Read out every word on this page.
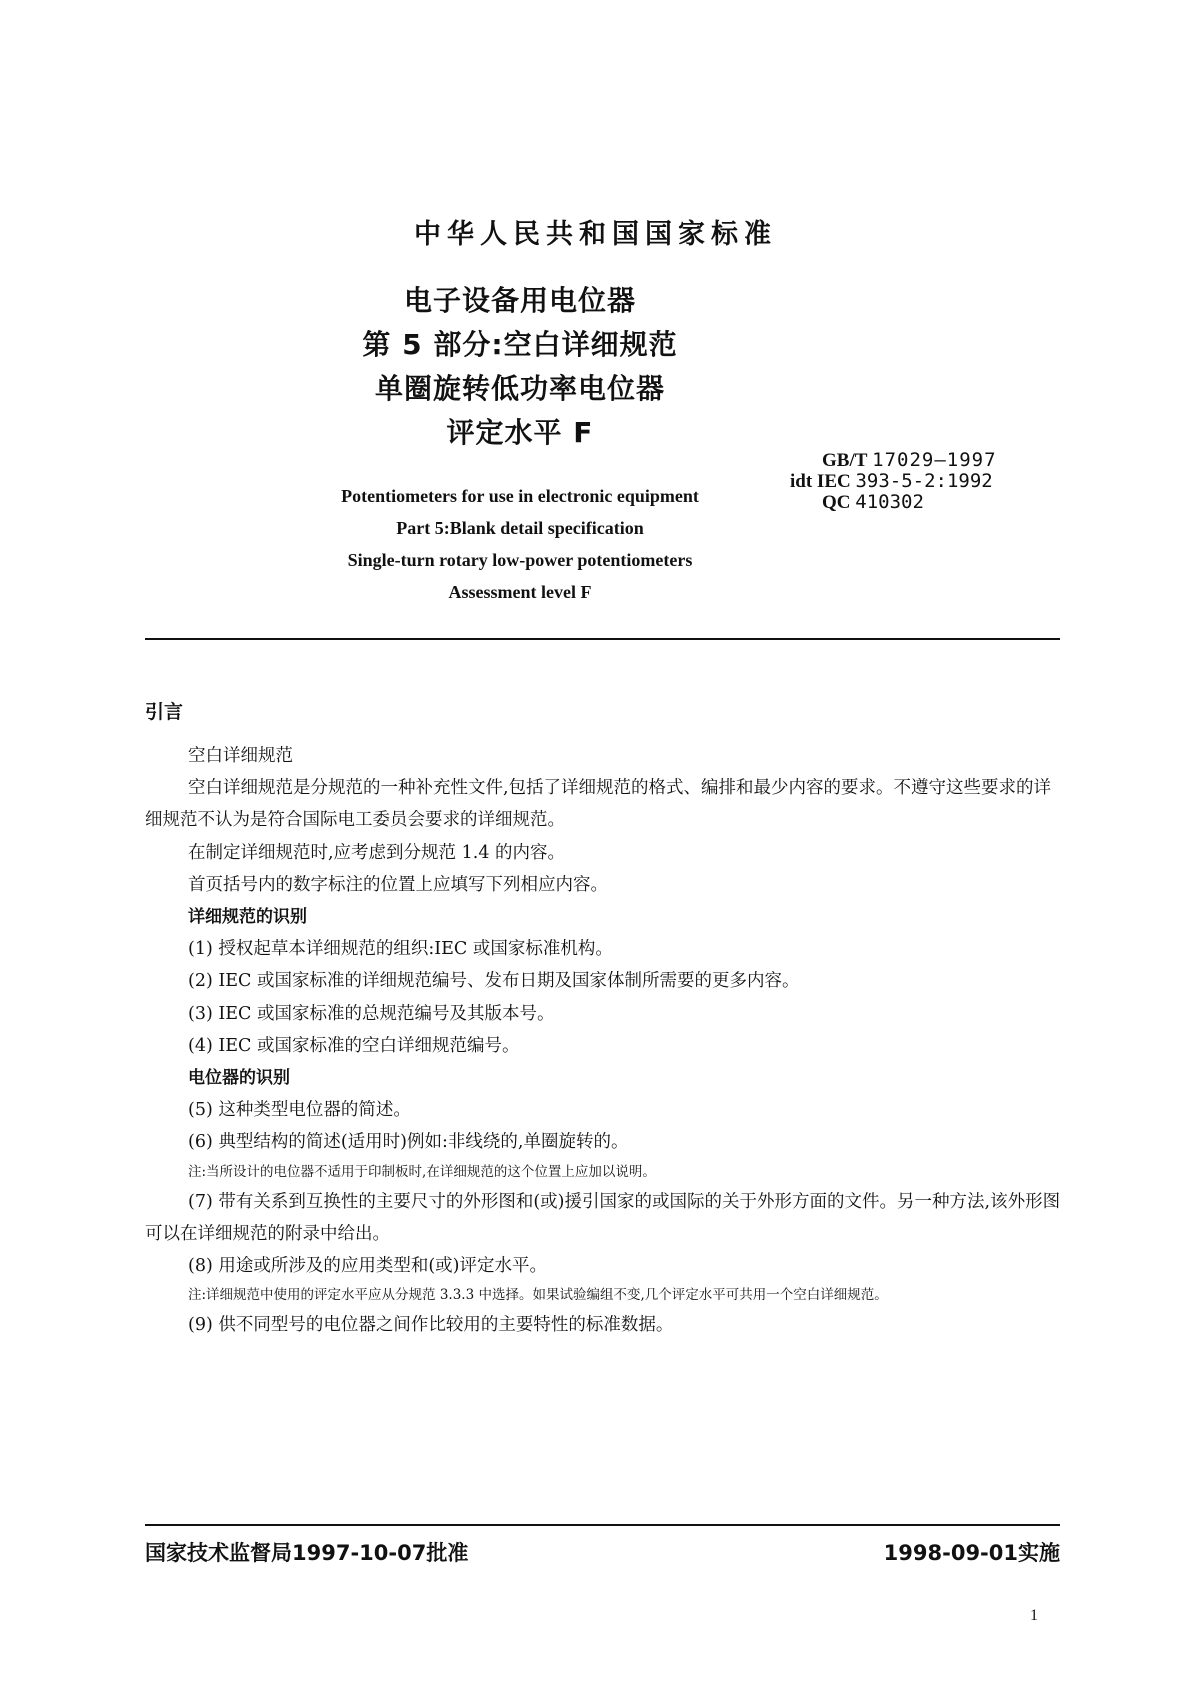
中华人民共和国国家标准
电子设备用电位器
第 5 部分:空白详细规范
单圈旋转低功率电位器
评定水平 F
Potentiometers for use in electronic equipment
Part 5:Blank detail specification
Single-turn rotary low-power potentiometers
Assessment level F
GB/T 17029—1997
idt IEC 393-5-2:1992
QC 410302
引言

空白详细规范

空白详细规范是分规范的一种补充性文件,包括了详细规范的格式、编排和最少内容的要求。不遵守这些要求的详细规范不认为是符合国际电工委员会要求的详细规范。

在制定详细规范时,应考虑到分规范 1.4 的内容。

首页括号内的数字标注的位置上应填写下列相应内容。

详细规范的识别

(1) 授权起草本详细规范的组织:IEC 或国家标准机构。

(2) IEC 或国家标准的详细规范编号、发布日期及国家体制所需要的更多内容。

(3) IEC 或国家标准的总规范编号及其版本号。

(4) IEC 或国家标准的空白详细规范编号。

电位器的识别

(5) 这种类型电位器的简述。

(6) 典型结构的简述(适用时)例如:非线绕的,单圈旋转的。

注:当所设计的电位器不适用于印制板时,在详细规范的这个位置上应加以说明。

(7) 带有关系到互换性的主要尺寸的外形图和(或)援引国家的或国际的关于外形方面的文件。另一种方法,该外形图可以在详细规范的附录中给出。

(8) 用途或所涉及的应用类型和(或)评定水平。

注:详细规范中使用的评定水平应从分规范 3.3.3 中选择。如果试验编组不变,几个评定水平可共用一个空白详细规范。

(9) 供不同型号的电位器之间作比较用的主要特性的标准数据。

国家技术监督局1997-10-07批准	1998-09-01实施
1
